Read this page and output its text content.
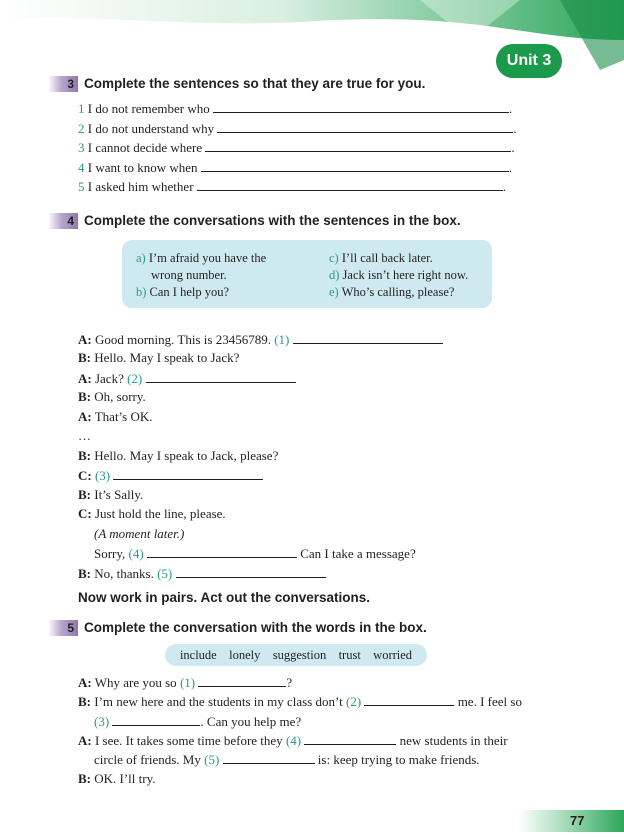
Unit 3
3 Complete the sentences so that they are true for you.
1 I do not remember who	.
2 I do not understand why	.
3 I cannot decide where	.
4 I want to know when	.
5 I asked him whether	.
4 Complete the conversations with the sentences in the box.
a) I’m afraid you have the
wrong number.
b) Can I help you?
c) I’ll call back later.
d) Jack isn’t here right now.
e) Who’s calling, please?
A: Good morning. This is 23456789. (1)
B: Hello. May I speak to Jack?
A: Jack? (2)
B: Oh, sorry.
A: That’s OK.
…
B: Hello. May I speak to Jack, please?
C: (3)
B: It’s Sally.
C: Just hold the line, please.
(A moment later.)
Sorry, (4)	Can I take a message?
B: No, thanks. (5)
Now work in pairs. Act out the conversations.
5 Complete the conversation with the words in the box.
include   lonely   suggestion   trust   worried
A: Why are you so (1)	?
B: I’m new here and the students in my class don’t (2)	me. I feel so
(3)	. Can you help me?
A: I see. It takes some time before they (4)	new students in their
circle of friends. My (5)	is: keep trying to make friends.
B: OK. I’ll try.
77
